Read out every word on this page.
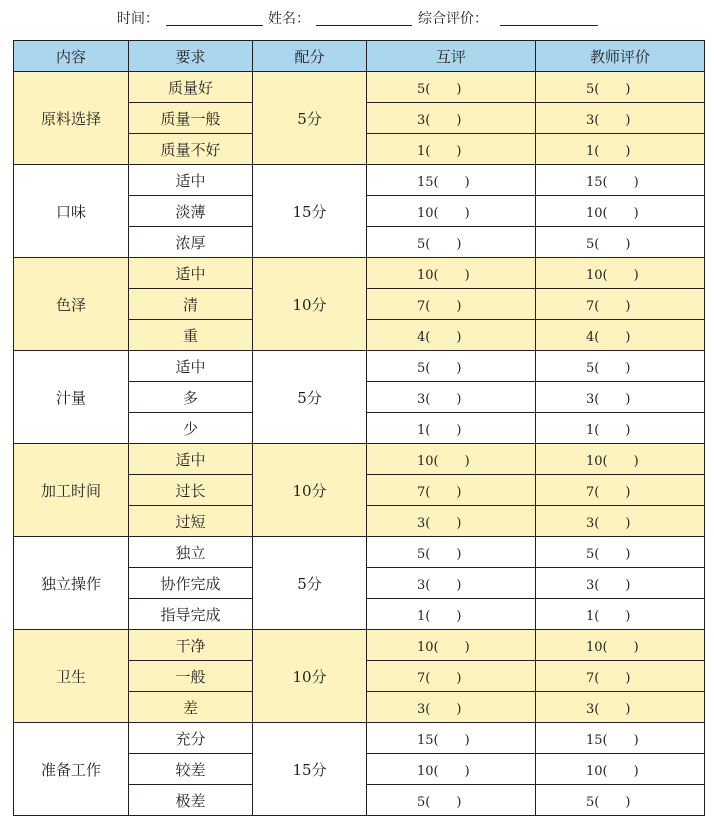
时间：	姓名：	综合评价：
内容	要求	配分	互评	教师评价
原料选择	质量好	5分	5(　　)	5(　　)
	质量一般		3(　　)	3(　　)
	质量不好		1(　　)	1(　　)
口味	适中	15分	15(　　)	15(　　)
	淡薄		10(　　)	10(　　)
	浓厚		5(　　)	5(　　)
色泽	适中	10分	10(　　)	10(　　)
	清		7(　　)	7(　　)
	重		4(　　)	4(　　)
汁量	适中	5分	5(　　)	5(　　)
	多		3(　　)	3(　　)
	少		1(　　)	1(　　)
加工时间	适中	10分	10(　　)	10(　　)
	过长		7(　　)	7(　　)
	过短		3(　　)	3(　　)
独立操作	独立	5分	5(　　)	5(　　)
	协作完成		3(　　)	3(　　)
	指导完成		1(　　)	1(　　)
卫生	干净	10分	10(　　)	10(　　)
	一般		7(　　)	7(　　)
	差		3(　　)	3(　　)
准备工作	充分	15分	15(　　)	15(　　)
	较差		10(　　)	10(　　)
	极差		5(　　)	5(　　)
